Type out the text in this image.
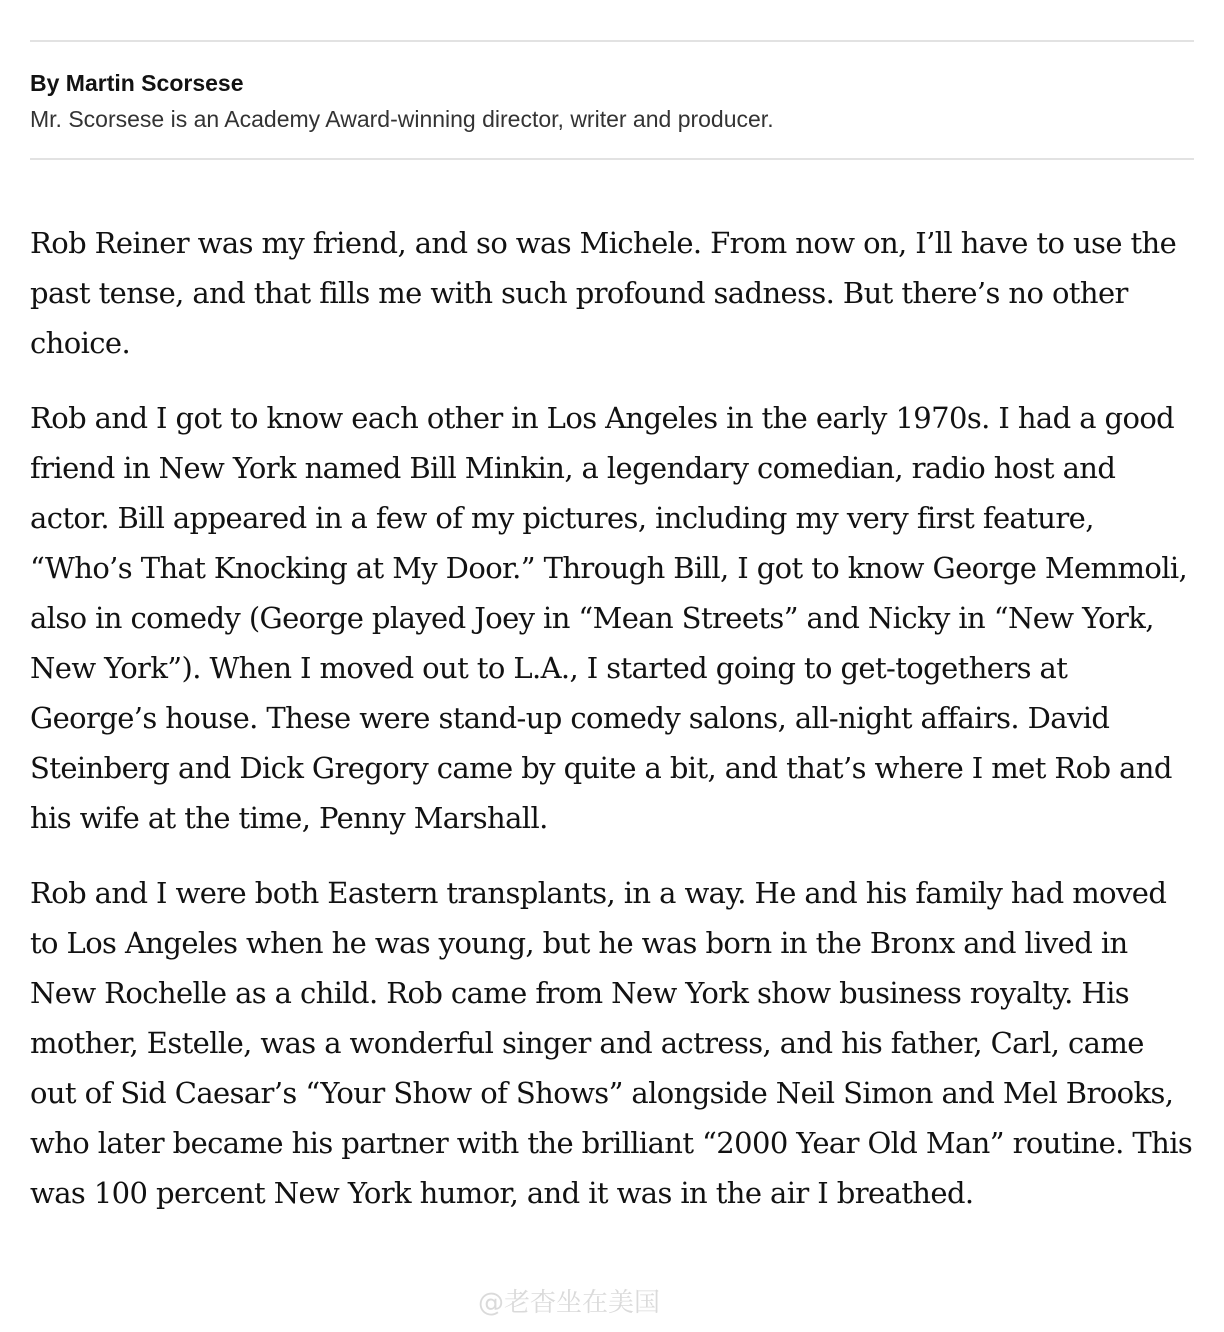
By Martin Scorsese

Mr. Scorsese is an Academy Award-winning director, writer and producer.

Rob Reiner was my friend, and so was Michele. From now on, I’ll have to use the past tense, and that fills me with such profound sadness. But there’s no other choice.

Rob and I got to know each other in Los Angeles in the early 1970s. I had a good friend in New York named Bill Minkin, a legendary comedian, radio host and actor. Bill appeared in a few of my pictures, including my very first feature, “Who’s That Knocking at My Door.” Through Bill, I got to know George Memmoli, also in comedy (George played Joey in “Mean Streets” and Nicky in “New York, New York”). When I moved out to L.A., I started going to get-togethers at George’s house. These were stand-up comedy salons, all-night affairs. David Steinberg and Dick Gregory came by quite a bit, and that’s where I met Rob and his wife at the time, Penny Marshall.

Rob and I were both Eastern transplants, in a way. He and his family had moved to Los Angeles when he was young, but he was born in the Bronx and lived in New Rochelle as a child. Rob came from New York show business royalty. His mother, Estelle, was a wonderful singer and actress, and his father, Carl, came out of Sid Caesar’s “Your Show of Shows” alongside Neil Simon and Mel Brooks, who later became his partner with the brilliant “2000 Year Old Man” routine. This was 100 percent New York humor, and it was in the air I breathed.

@老杳坐在美国
